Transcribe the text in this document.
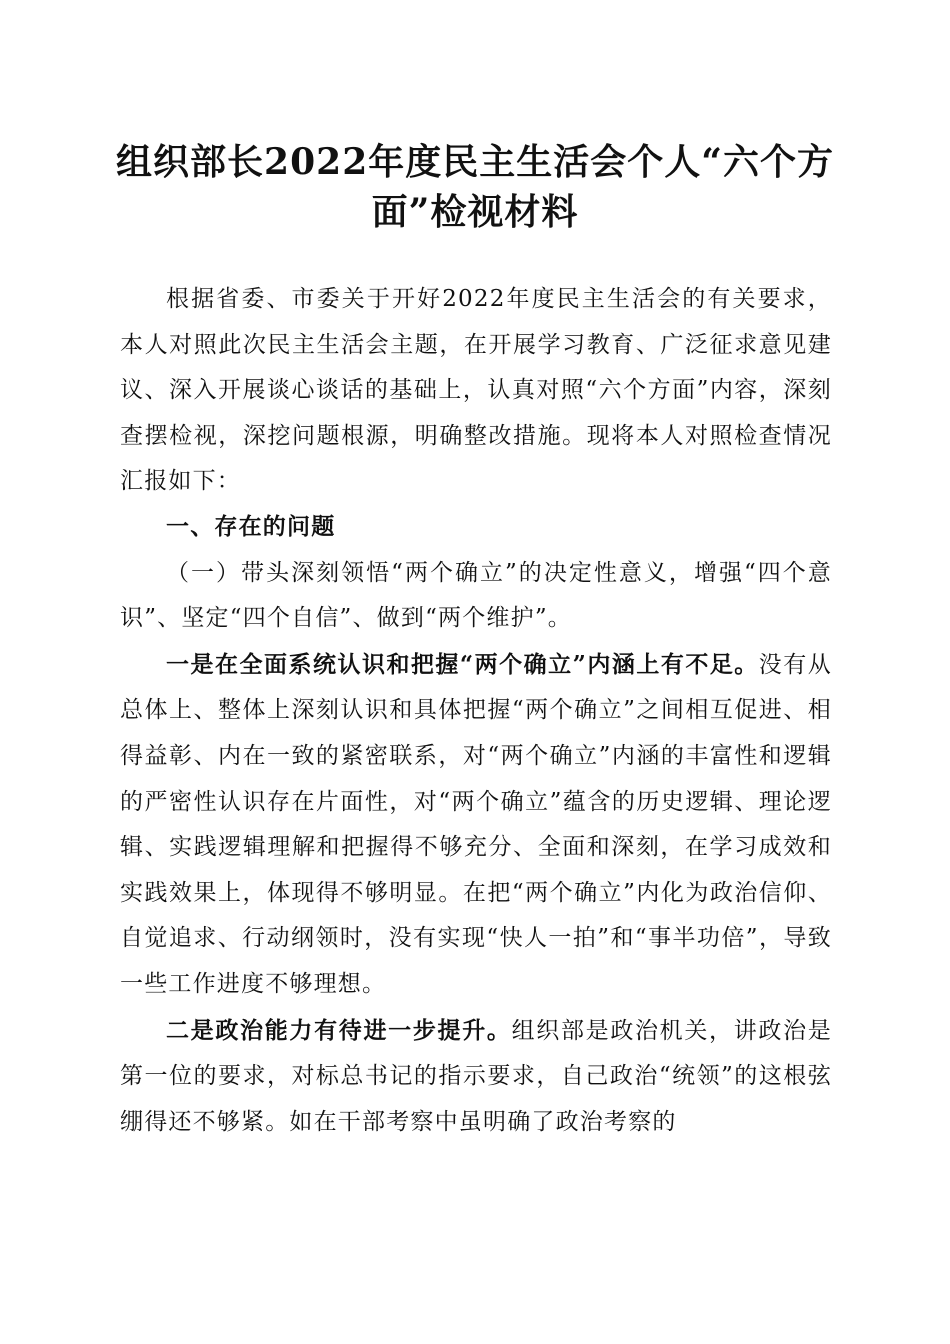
组织部长2022年度民主生活会个人“六个方面”检视材料

根据省委、市委关于开好2022年度民主生活会的有关要求，本人对照此次民主生活会主题，在开展学习教育、广泛征求意见建议、深入开展谈心谈话的基础上，认真对照“六个方面”内容，深刻查摆检视，深挖问题根源，明确整改措施。现将本人对照检查情况汇报如下：

一、存在的问题

（一）带头深刻领悟“两个确立”的决定性意义，增强“四个意识”、坚定“四个自信”、做到“两个维护”。

一是在全面系统认识和把握“两个确立”内涵上有不足。没有从总体上、整体上深刻认识和具体把握“两个确立”之间相互促进、相得益彰、内在一致的紧密联系，对“两个确立”内涵的丰富性和逻辑的严密性认识存在片面性，对“两个确立”蕴含的历史逻辑、理论逻辑、实践逻辑理解和把握得不够充分、全面和深刻，在学习成效和实践效果上，体现得不够明显。在把“两个确立”内化为政治信仰、自觉追求、行动纲领时，没有实现“快人一拍”和“事半功倍”，导致一些工作进度不够理想。

二是政治能力有待进一步提升。组织部是政治机关，讲政治是第一位的要求，对标总书记的指示要求，自己政治“统领”的这根弦绷得还不够紧。如在干部考察中虽明确了政治考察的
